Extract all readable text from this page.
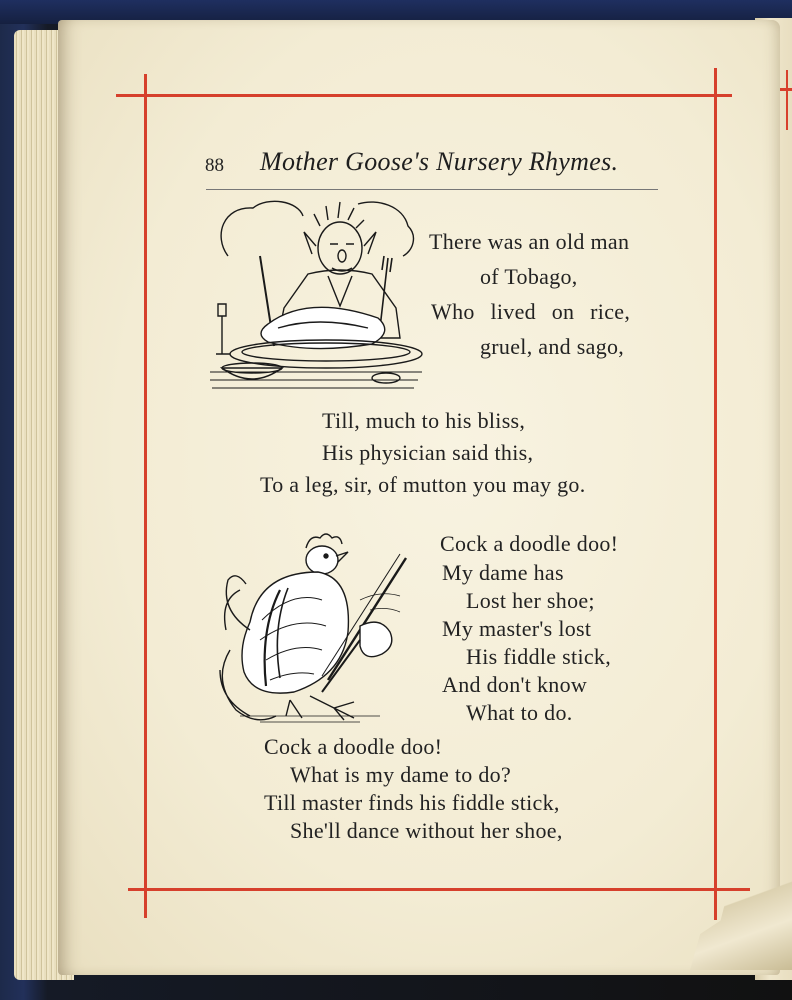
88 Mother Goose's Nursery Rhymes.
There was an old man
of Tobago,
Who lived on rice,
gruel, and sago,
Till, much to his bliss,
His physician said this,
To a leg, sir, of mutton you may go.
Cock a doodle doo!
My dame has
Lost her shoe;
My master's lost
His fiddle stick,
And don't know
What to do.
Cock a doodle doo!
What is my dame to do?
Till master finds his fiddle stick,
She'll dance without her shoe,
